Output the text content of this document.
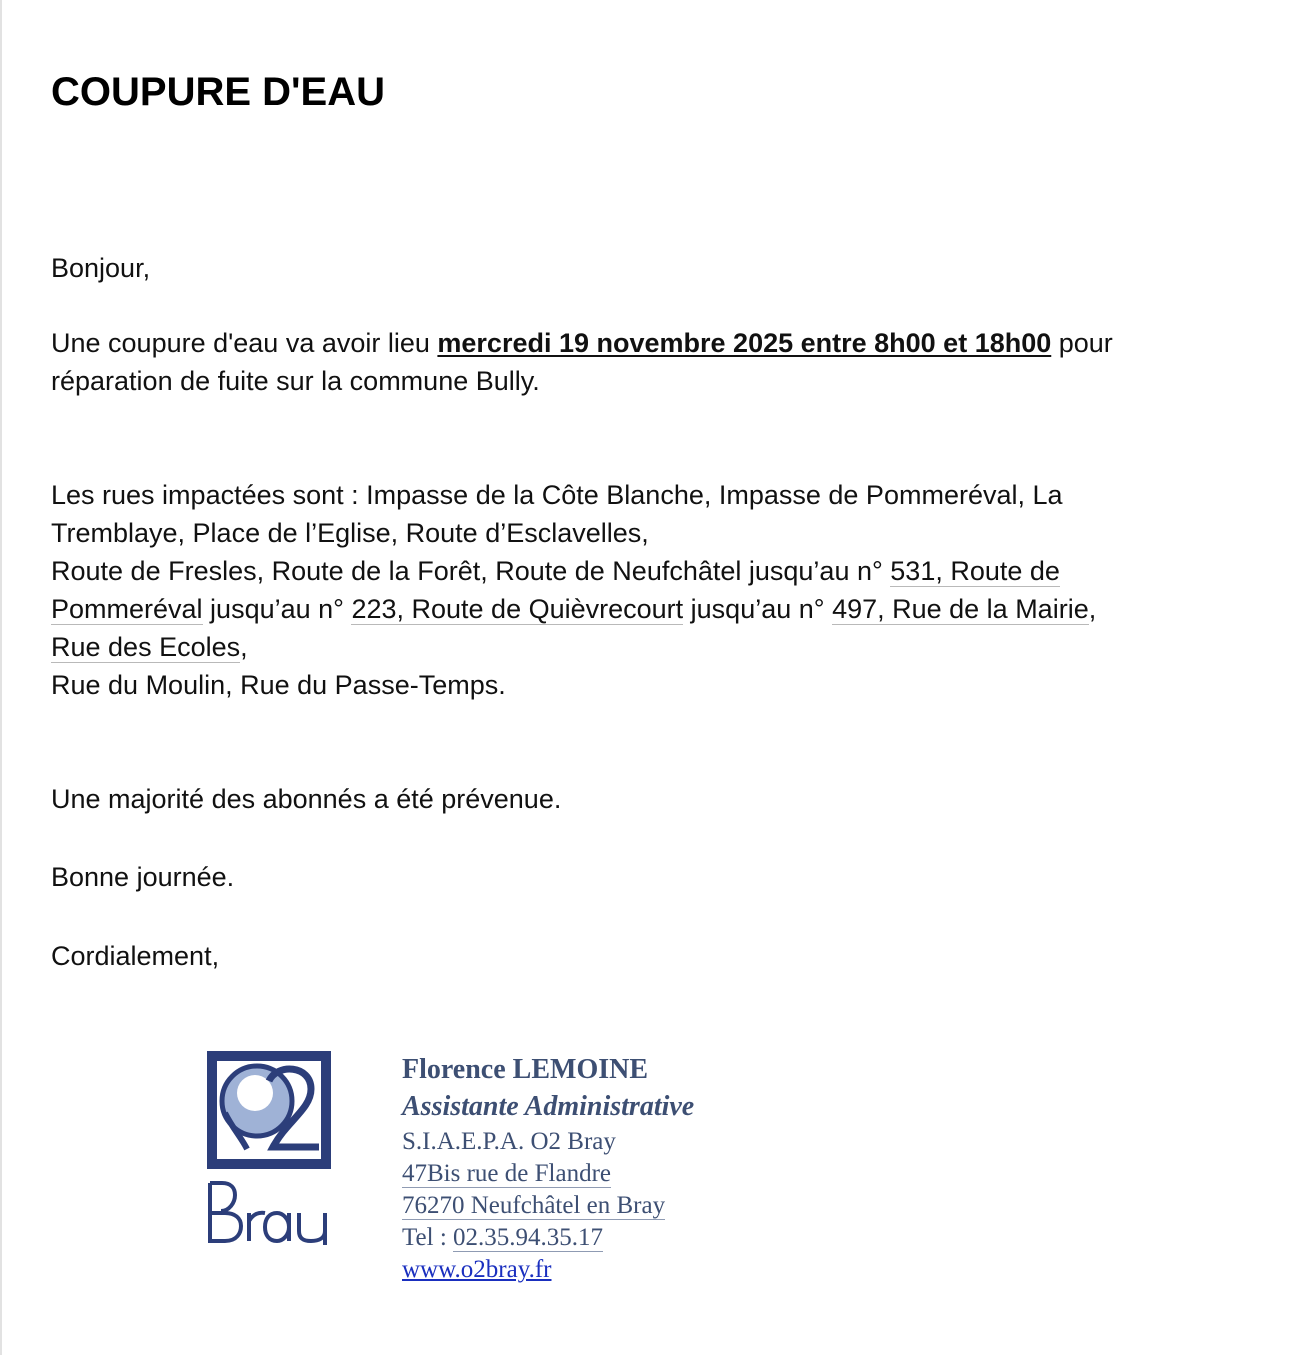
COUPURE D'EAU

Bonjour,

Une coupure d'eau va avoir lieu mercredi 19 novembre 2025 entre 8h00 et 18h00 pour
réparation de fuite sur la commune Bully.

Les rues impactées sont : Impasse de la Côte Blanche, Impasse de Pommeréval, La
Tremblaye, Place de l’Eglise, Route d’Esclavelles,

Route de Fresles, Route de la Forêt, Route de Neufchâtel jusqu’au n° 531, Route de
Pommeréval jusqu’au n° 223, Route de Quièvrecourt jusqu’au n° 497, Rue de la Mairie,
Rue des Ecoles,

Rue du Moulin, Rue du Passe-Temps.

Une majorité des abonnés a été prévenue.

Bonne journée.

Cordialement,

Florence LEMOINE

Assistante Administrative

S.I.A.E.P.A. O2 Bray

47Bis rue de Flandre

76270 Neufchâtel en Bray

Tel : 02.35.94.35.17

www.o2bray.fr
